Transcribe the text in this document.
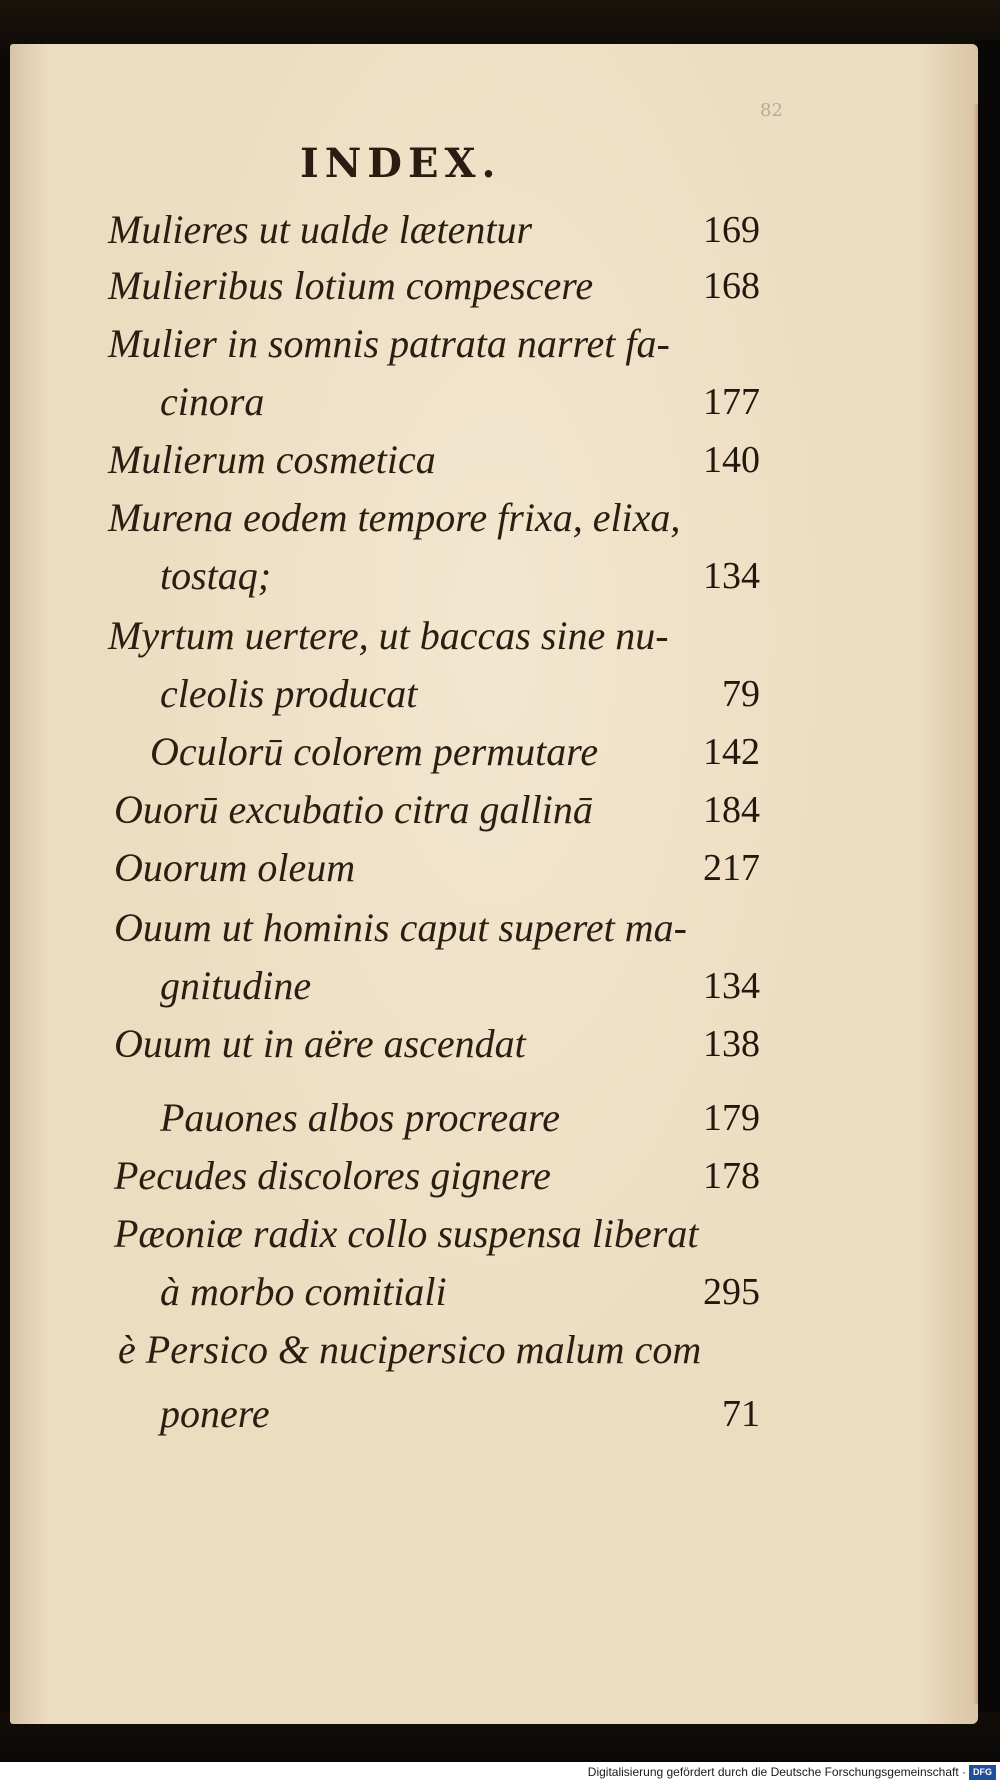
82
INDEX.
Mulieres ut ualde lætentur	169
Mulieribus lotium compescere	168
Mulier in somnis patrata narret fa-
cinora	177
Mulierum cosmetica	140
Murena eodem tempore frixa, elixa,
tostaq;	134
Myrtum uertere, ut baccas sine nu-
cleolis producat	79
Oculorū colorem permutare	142
Ouorū excubatio citra gallinā	184
Ouorum oleum	217
Ouum ut hominis caput superet ma-
gnitudine	134
Ouum ut in aëre ascendat	138
Pauones albos procreare	179
Pecudes discolores gignere	178
Pæoniæ radix collo suspensa liberat
à morbo comitiali	295
è Persico & nucipersico malum com
ponere	71
Digitalisierung gefördert durch die Deutsche Forschungsgemeinschaft · DFG
